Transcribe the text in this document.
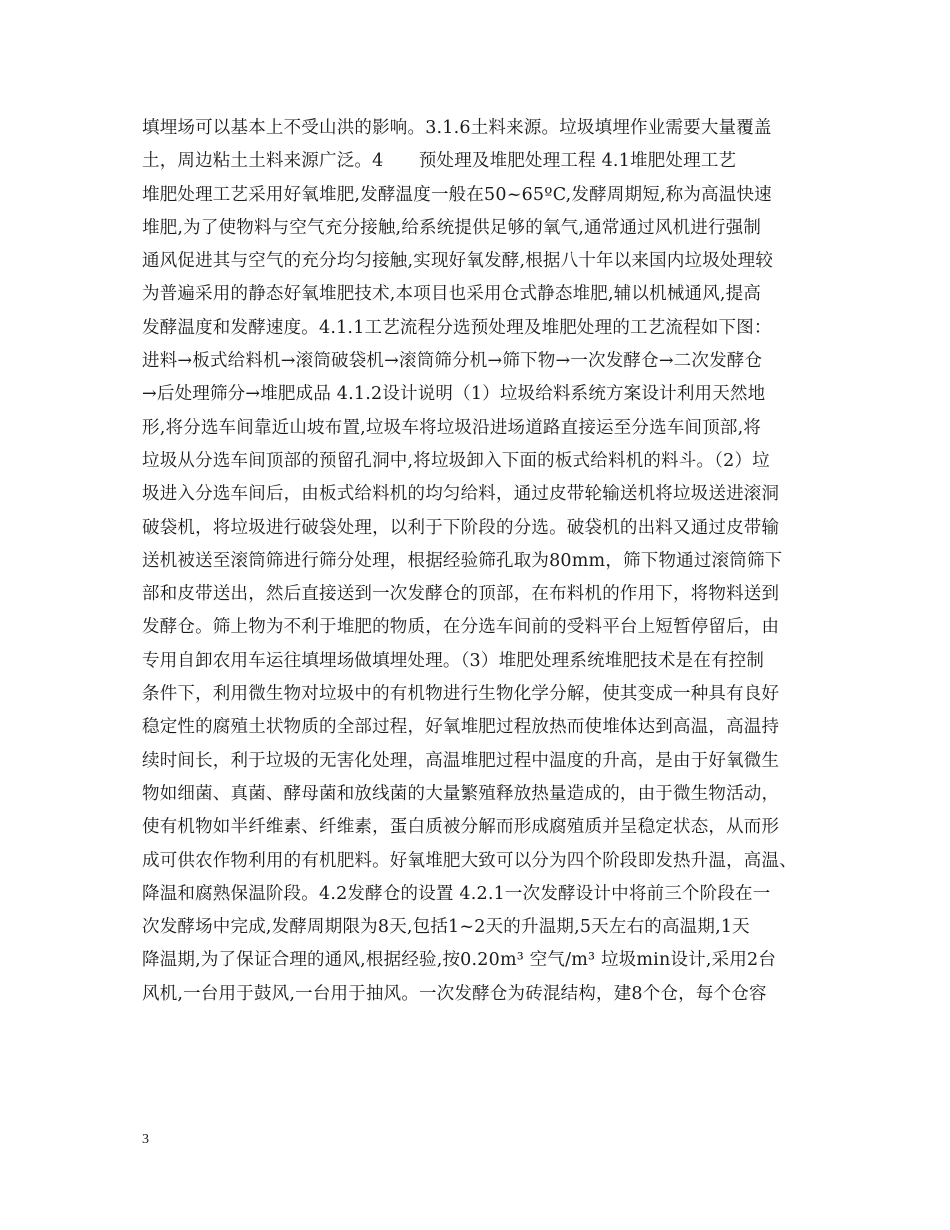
填埋场可以基本上不受山洪的影响。3.1.6土料来源。垃圾填埋作业需要大量覆盖
土，周边粘土土料来源广泛。4　　预处理及堆肥处理工程 4.1堆肥处理工艺
堆肥处理工艺采用好氧堆肥,发酵温度一般在50~65ºC,发酵周期短,称为高温快速
堆肥,为了使物料与空气充分接触,给系统提供足够的氧气,通常通过风机进行强制
通风促进其与空气的充分均匀接触,实现好氧发酵,根据八十年以来国内垃圾处理较
为普遍采用的静态好氧堆肥技术,本项目也采用仓式静态堆肥,辅以机械通风,提高
发酵温度和发酵速度。4.1.1工艺流程分选预处理及堆肥处理的工艺流程如下图：
进料→板式给料机→滚筒破袋机→滚筒筛分机→筛下物→一次发酵仓→二次发酵仓
→后处理筛分→堆肥成品 4.1.2设计说明（1）垃圾给料系统方案设计利用天然地
形,将分选车间靠近山坡布置,垃圾车将垃圾沿进场道路直接运至分选车间顶部,将
垃圾从分选车间顶部的预留孔洞中,将垃圾卸入下面的板式给料机的料斗。（2）垃
圾进入分选车间后，由板式给料机的均匀给料，通过皮带轮输送机将垃圾送进滚洞
破袋机，将垃圾进行破袋处理，以利于下阶段的分选。破袋机的出料又通过皮带输
送机被送至滚筒筛进行筛分处理，根据经验筛孔取为80mm，筛下物通过滚筒筛下
部和皮带送出，然后直接送到一次发酵仓的顶部，在布料机的作用下，将物料送到
发酵仓。筛上物为不利于堆肥的物质，在分选车间前的受料平台上短暂停留后，由
专用自卸农用车运往填埋场做填埋处理。（3）堆肥处理系统堆肥技术是在有控制
条件下，利用微生物对垃圾中的有机物进行生物化学分解，使其变成一种具有良好
稳定性的腐殖土状物质的全部过程，好氧堆肥过程放热而使堆体达到高温，高温持
续时间长，利于垃圾的无害化处理，高温堆肥过程中温度的升高，是由于好氧微生
物如细菌、真菌、酵母菌和放线菌的大量繁殖释放热量造成的，由于微生物活动，
使有机物如半纤维素、纤维素，蛋白质被分解而形成腐殖质并呈稳定状态，从而形
成可供农作物利用的有机肥料。好氧堆肥大致可以分为四个阶段即发热升温，高温、
降温和腐熟保温阶段。4.2发酵仓的设置 4.2.1一次发酵设计中将前三个阶段在一
次发酵场中完成,发酵周期限为8天,包括1~2天的升温期,5天左右的高温期,1天
降温期,为了保证合理的通风,根据经验,按0.20m³ 空气/m³ 垃圾min设计,采用2台
风机,一台用于鼓风,一台用于抽风。一次发酵仓为砖混结构，建8个仓，每个仓容
3
